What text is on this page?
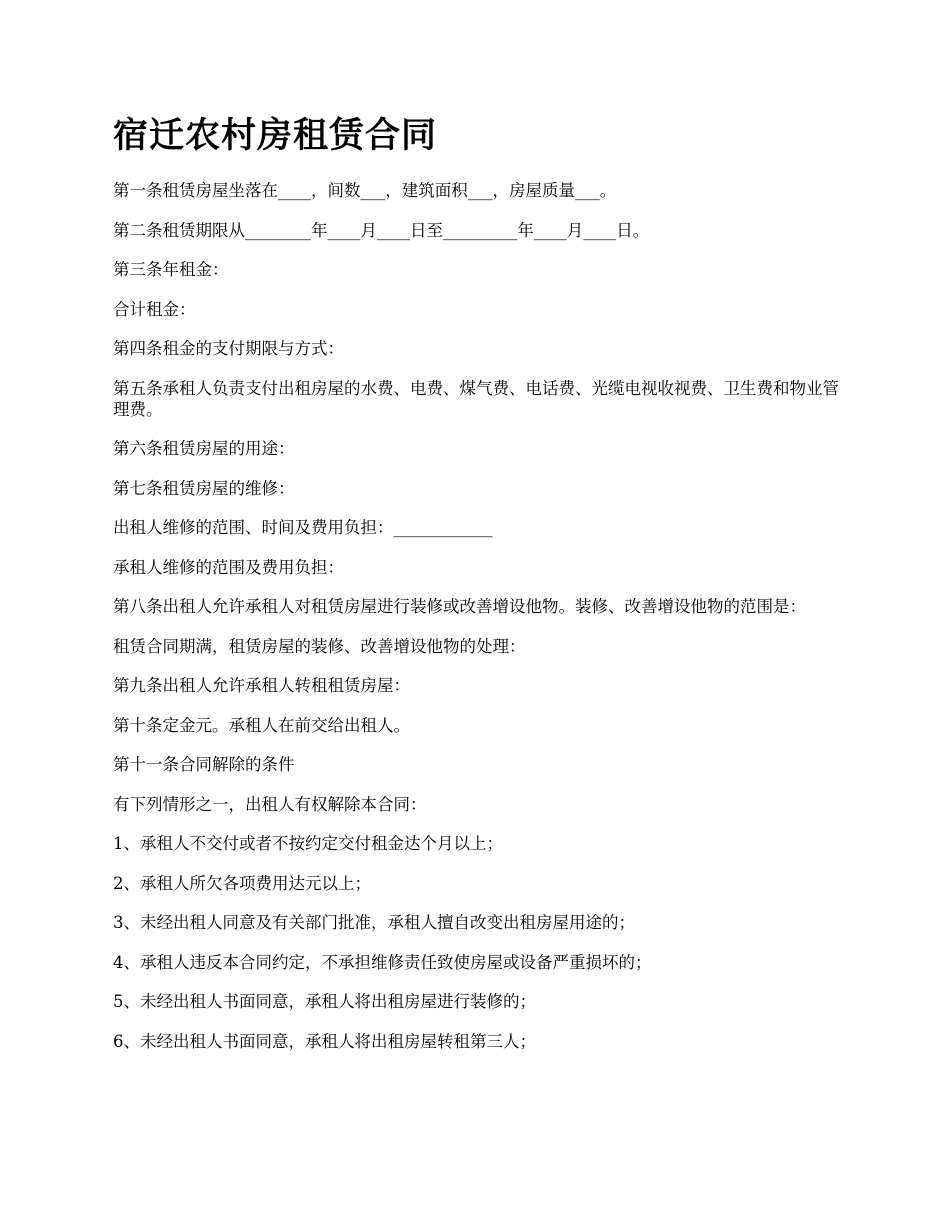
宿迁农村房租赁合同

第一条租赁房屋坐落在____，间数___，建筑面积___，房屋质量___。

第二条租赁期限从________年____月____日至_________年____月____日。

第三条年租金：

合计租金：

第四条租金的支付期限与方式：

第五条承租人负责支付出租房屋的水费、电费、煤气费、电话费、光缆电视收视费、卫生费和物业管理费。

第六条租赁房屋的用途：

第七条租赁房屋的维修：

出租人维修的范围、时间及费用负担：____________

承租人维修的范围及费用负担：

第八条出租人允许承租人对租赁房屋进行装修或改善增设他物。装修、改善增设他物的范围是：

租赁合同期满，租赁房屋的装修、改善增设他物的处理：

第九条出租人允许承租人转租租赁房屋：

第十条定金元。承租人在前交给出租人。

第十一条合同解除的条件

有下列情形之一，出租人有权解除本合同：

1、承租人不交付或者不按约定交付租金达个月以上；

2、承租人所欠各项费用达元以上；

3、未经出租人同意及有关部门批准，承租人擅自改变出租房屋用途的；

4、承租人违反本合同约定，不承担维修责任致使房屋或设备严重损坏的；

5、未经出租人书面同意，承租人将出租房屋进行装修的；

6、未经出租人书面同意，承租人将出租房屋转租第三人；
